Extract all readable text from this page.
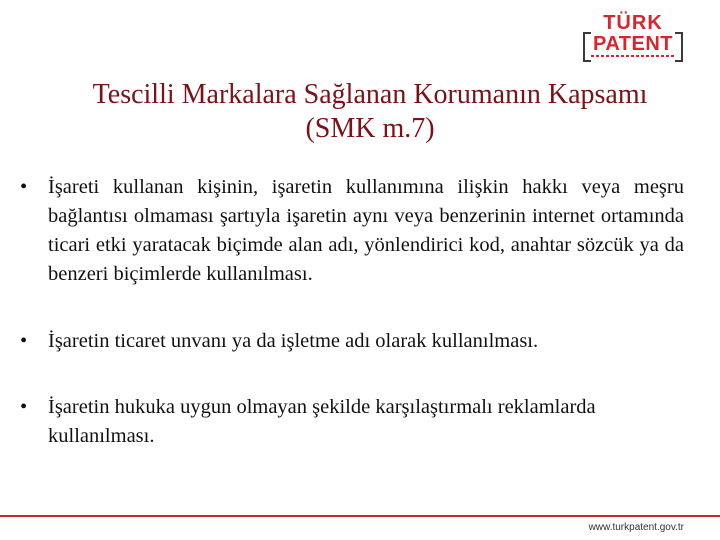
TÜRK
PATENT
Tescilli Markalara Sağlanan Korumanın Kapsamı (SMK m.7)
• İşareti kullanan kişinin, işaretin kullanımına ilişkin hakkı veya meşru bağlantısı olmaması şartıyla işaretin aynı veya benzerinin internet ortamında ticari etki yaratacak biçimde alan adı, yönlendirici kod, anahtar sözcük ya da benzeri biçimlerde kullanılması.
• İşaretin ticaret unvanı ya da işletme adı olarak kullanılması.
• İşaretin hukuka uygun olmayan şekilde karşılaştırmalı reklamlarda kullanılması.
www.turkpatent.gov.tr
